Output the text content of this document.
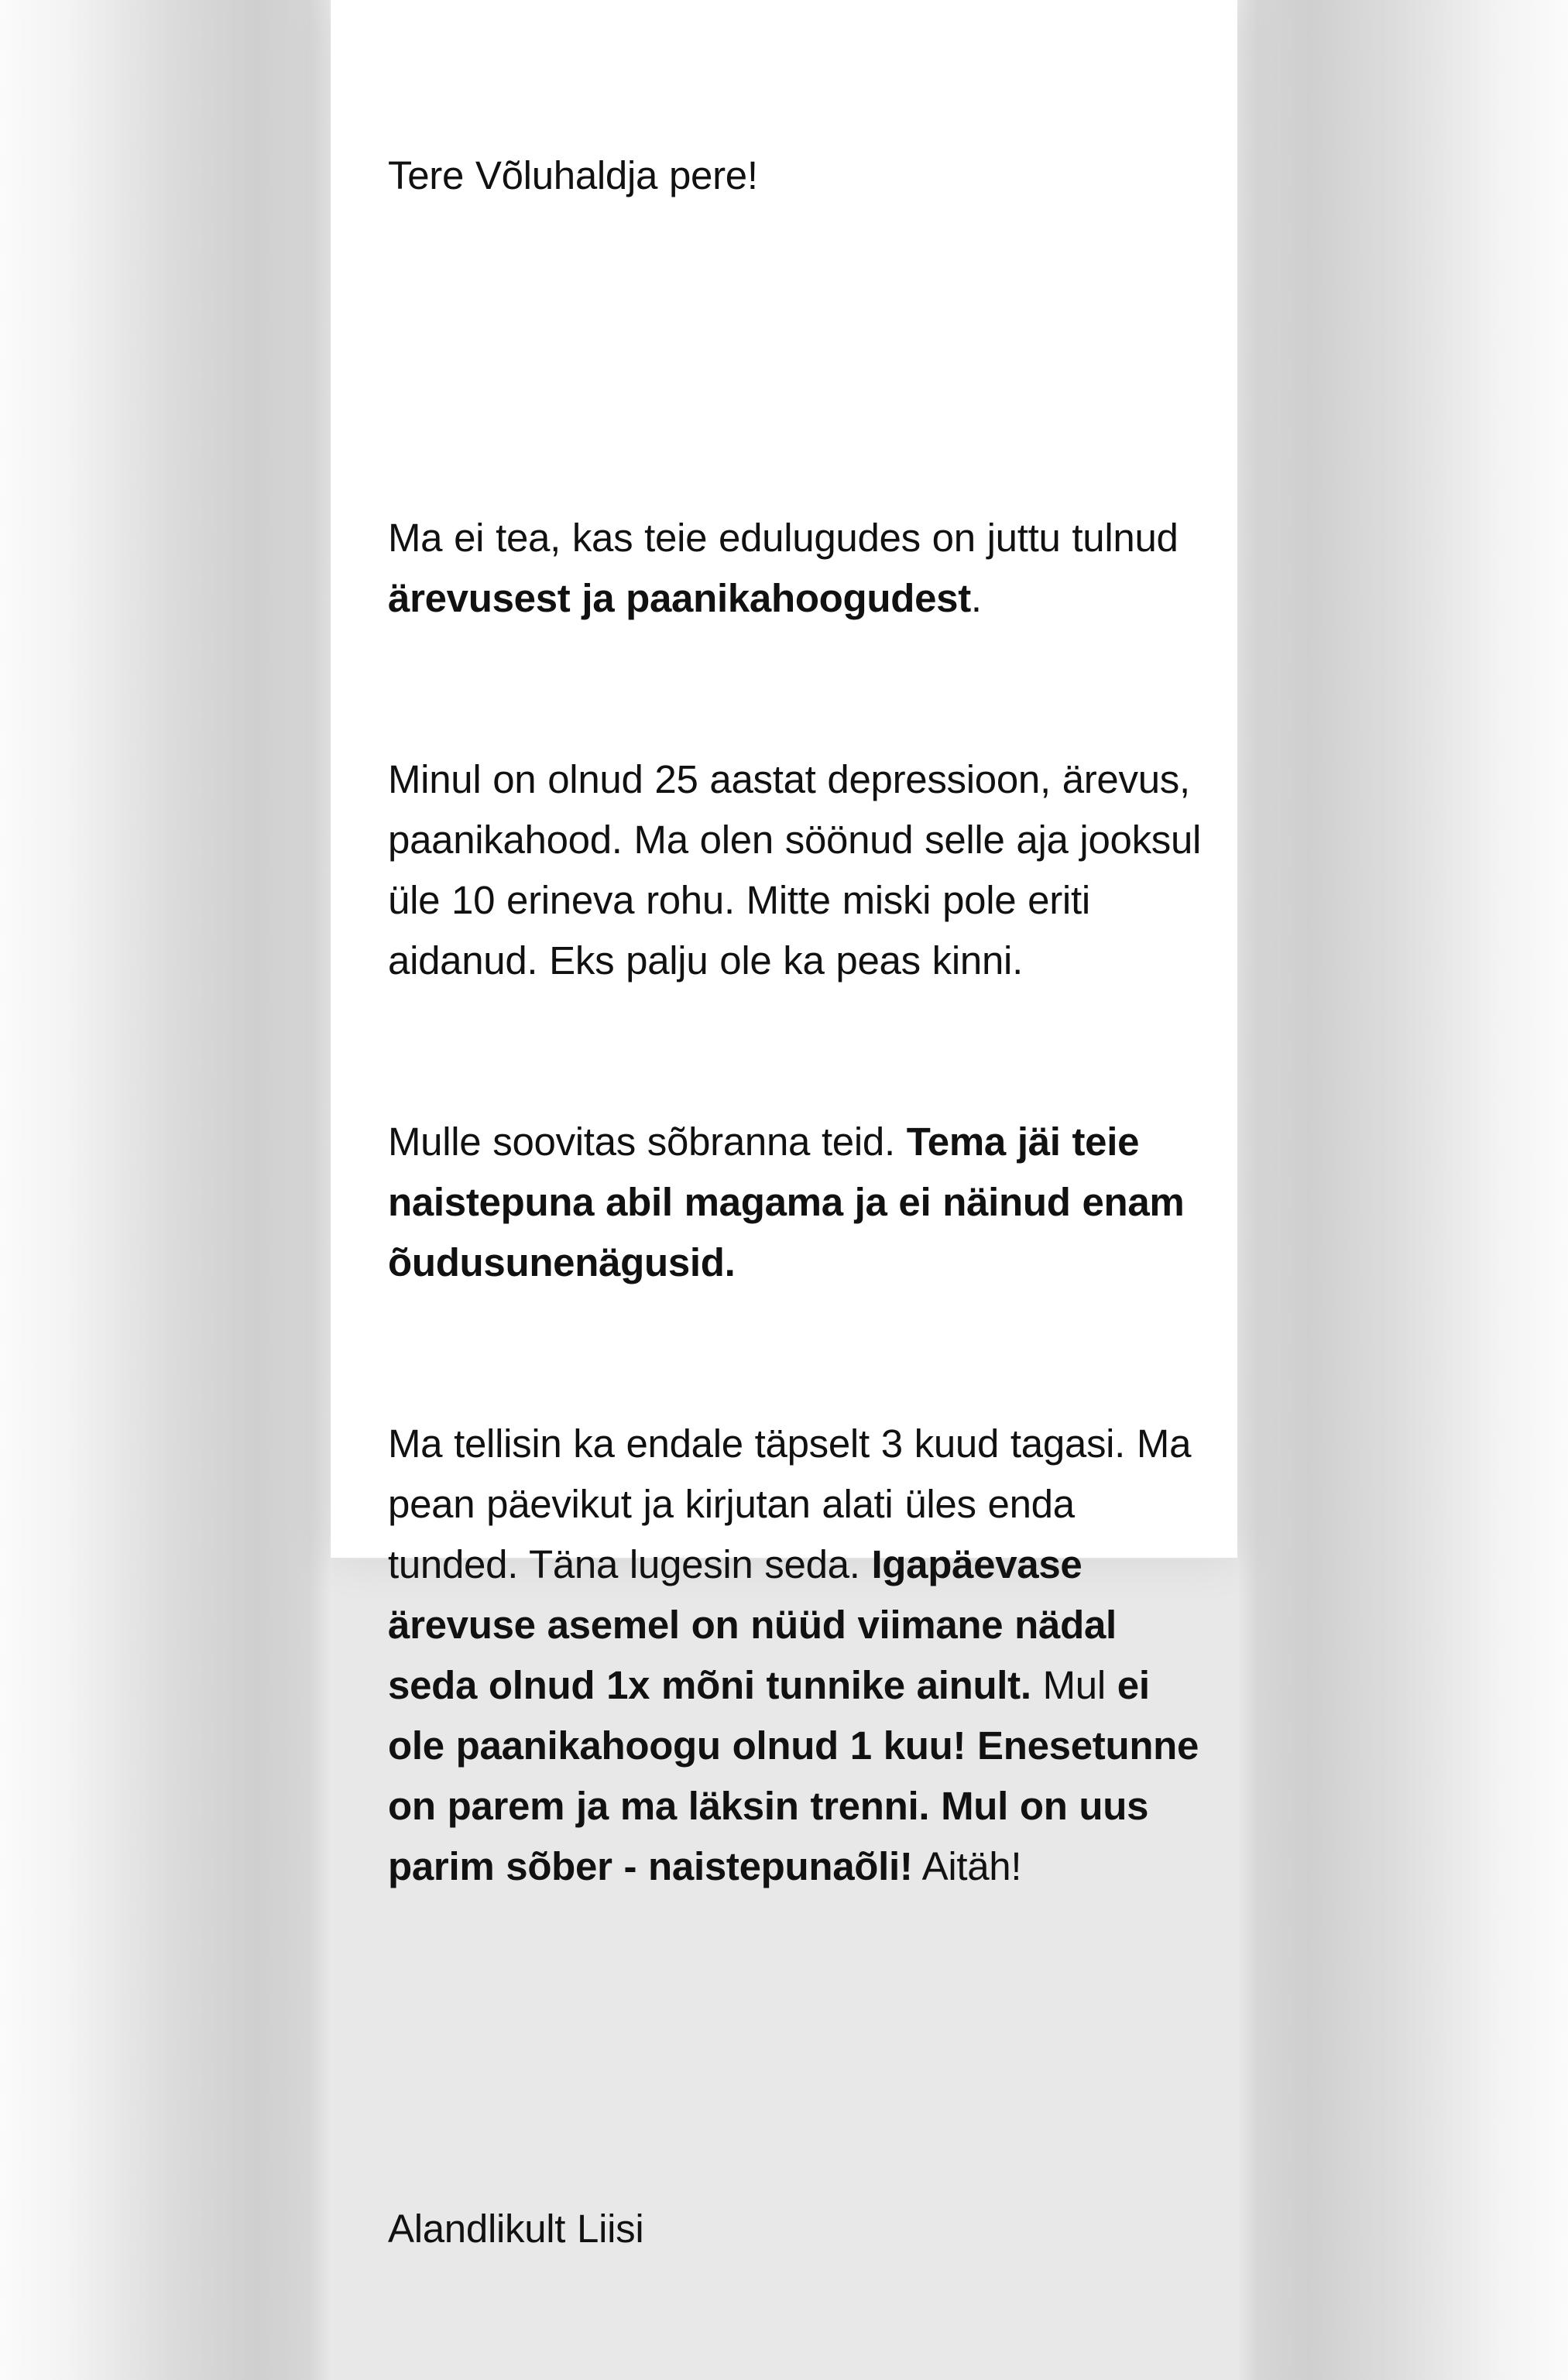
Tere Võluhaldja pere!

Ma ei tea, kas teie edulugudes on juttu tulnud ärevusest ja paanikahoogudest.

Minul on olnud 25 aastat depressioon, ärevus, paanikahood. Ma olen söönud selle aja jooksul üle 10 erineva rohu. Mitte miski pole eriti aidanud. Eks palju ole ka peas kinni.

Mulle soovitas sõbranna teid. Tema jäi teie naistepuna abil magama ja ei näinud enam õudusunenägusid.

Ma tellisin ka endale täpselt 3 kuud tagasi. Ma pean päevikut ja kirjutan alati üles enda tunded. Täna lugesin seda. Igapäevase ärevuse asemel on nüüd viimane nädal seda olnud 1x mõni tunnike ainult. Mul ei ole paanikahoogu olnud 1 kuu! Enesetunne on parem ja ma läksin trenni. Mul on uus parim sõber - naistepunaõli! Aitäh!

Alandlikult Liisi
